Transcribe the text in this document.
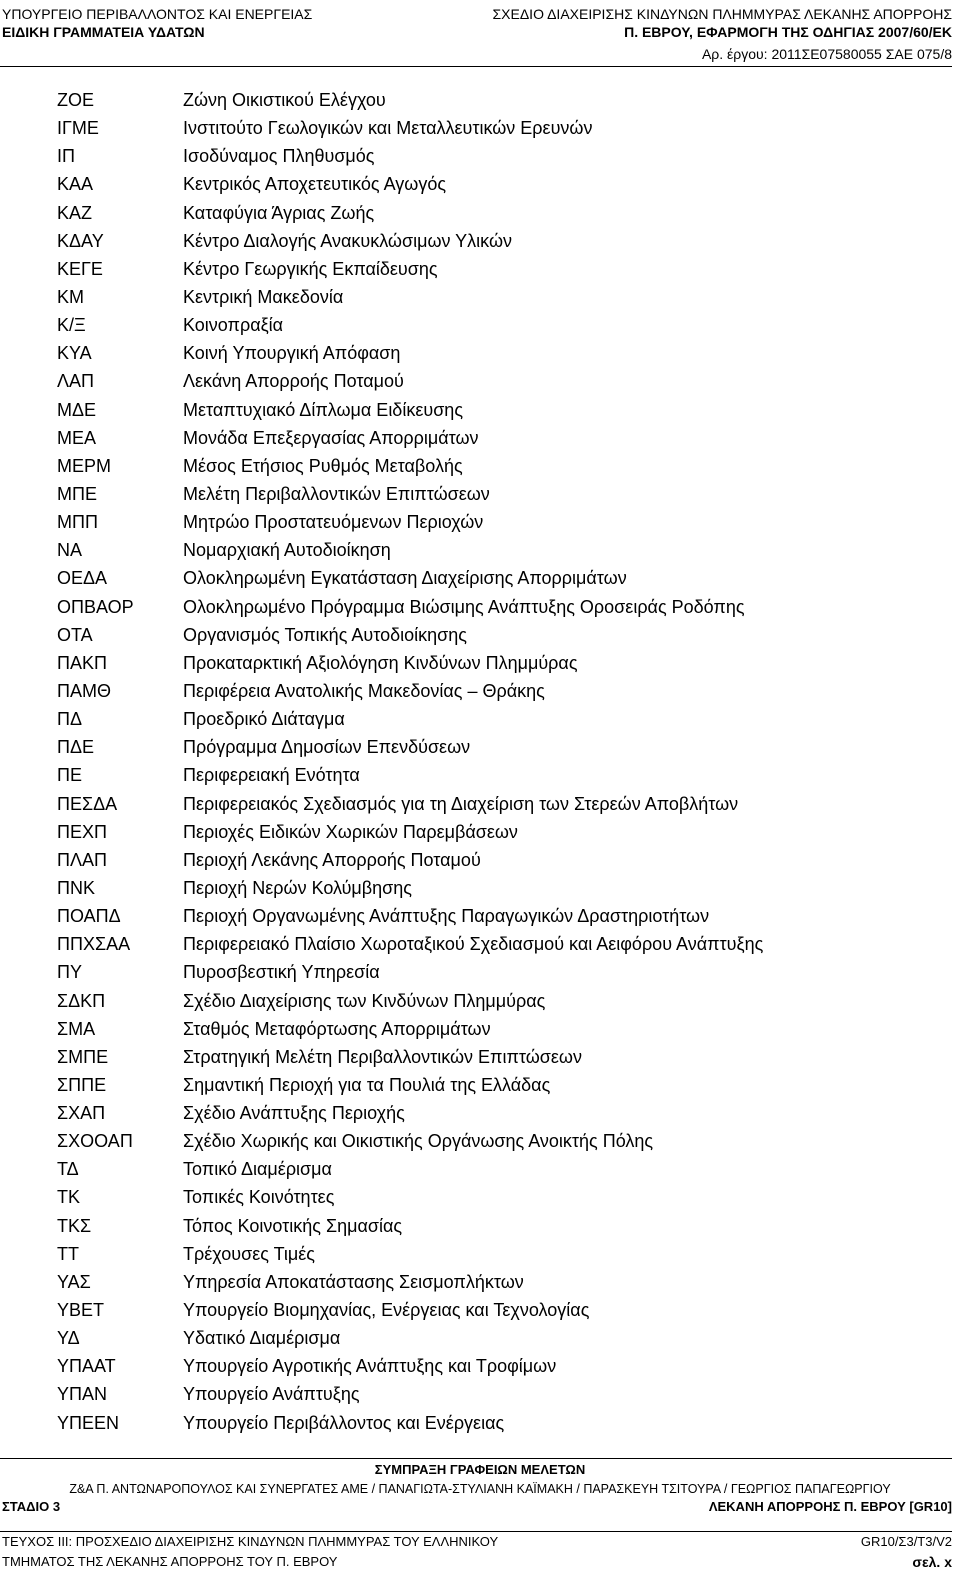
ΥΠΟΥΡΓΕΙΟ ΠΕΡΙΒΑΛΛΟΝΤΟΣ ΚΑΙ ΕΝΕΡΓΕΙΑΣ
ΕΙΔΙΚΗ ΓΡΑΜΜΑΤΕΙΑ ΥΔΑΤΩΝ
ΣΧΕΔΙΟ ΔΙΑΧΕΙΡΙΣΗΣ ΚΙΝΔΥΝΩΝ ΠΛΗΜΜΥΡΑΣ ΛΕΚΑΝΗΣ ΑΠΟΡΡΟΗΣ
Π. ΕΒΡΟΥ, ΕΦΑΡΜΟΓΗ ΤΗΣ ΟΔΗΓΙΑΣ 2007/60/ΕΚ
Αρ. έργου: 2011ΣΕ07580055 ΣΑΕ 075/8
ΖΟΕ	Ζώνη Οικιστικού Ελέγχου
ΙΓΜΕ	Ινστιτούτο Γεωλογικών και Μεταλλευτικών Ερευνών
ΙΠ	Ισοδύναμος Πληθυσμός
ΚΑΑ	Κεντρικός Αποχετευτικός Αγωγός
ΚΑΖ	Καταφύγια Άγριας Ζωής
ΚΔΑΥ	Κέντρο Διαλογής Ανακυκλώσιμων Υλικών
ΚΕΓΕ	Κέντρο Γεωργικής Εκπαίδευσης
ΚΜ	Κεντρική Μακεδονία
Κ/Ξ	Κοινοπραξία
ΚΥΑ	Κοινή Υπουργική Απόφαση
ΛΑΠ	Λεκάνη Απορροής Ποταμού
ΜΔΕ	Μεταπτυχιακό Δίπλωμα Ειδίκευσης
ΜΕΑ	Μονάδα Επεξεργασίας Απορριμάτων
ΜΕΡΜ	Μέσος Ετήσιος Ρυθμός Μεταβολής
ΜΠΕ	Μελέτη Περιβαλλοντικών Επιπτώσεων
ΜΠΠ	Μητρώο Προστατευόμενων Περιοχών
ΝΑ	Νομαρχιακή Αυτοδιοίκηση
ΟΕΔΑ	Ολοκληρωμένη Εγκατάσταση Διαχείρισης Απορριμάτων
ΟΠΒΑΟΡ	Ολοκληρωμένο Πρόγραμμα Βιώσιμης Ανάπτυξης Οροσειράς Ροδόπης
ΟΤΑ	Οργανισμός Τοπικής Αυτοδιοίκησης
ΠΑΚΠ	Προκαταρκτική Αξιολόγηση Κινδύνων Πλημμύρας
ΠΑΜΘ	Περιφέρεια Ανατολικής Μακεδονίας – Θράκης
ΠΔ	Προεδρικό Διάταγμα
ΠΔΕ	Πρόγραμμα Δημοσίων Επενδύσεων
ΠΕ	Περιφερειακή Ενότητα
ΠΕΣΔΑ	Περιφερειακός Σχεδιασμός για τη Διαχείριση των Στερεών Αποβλήτων
ΠΕΧΠ	Περιοχές Ειδικών Χωρικών Παρεμβάσεων
ΠΛΑΠ	Περιοχή Λεκάνης Απορροής Ποταμού
ΠΝΚ	Περιοχή Νερών Κολύμβησης
ΠΟΑΠΔ	Περιοχή Οργανωμένης Ανάπτυξης Παραγωγικών Δραστηριοτήτων
ΠΠΧΣΑΑ	Περιφερειακό Πλαίσιο Χωροταξικού Σχεδιασμού και Αειφόρου Ανάπτυξης
ΠΥ	Πυροσβεστική Υπηρεσία
ΣΔΚΠ	Σχέδιο Διαχείρισης των Κινδύνων Πλημμύρας
ΣΜΑ	Σταθμός Μεταφόρτωσης Απορριμάτων
ΣΜΠΕ	Στρατηγική Μελέτη Περιβαλλοντικών Επιπτώσεων
ΣΠΠΕ	Σημαντική Περιοχή για τα Πουλιά της Ελλάδας
ΣΧΑΠ	Σχέδιο Ανάπτυξης Περιοχής
ΣΧΟΟΑΠ	Σχέδιο Χωρικής και Οικιστικής Οργάνωσης Ανοικτής Πόλης
ΤΔ	Τοπικό Διαμέρισμα
ΤΚ	Τοπικές Κοινότητες
ΤΚΣ	Τόπος Κοινοτικής Σημασίας
ΤΤ	Τρέχουσες Τιμές
ΥΑΣ	Υπηρεσία Αποκατάστασης Σεισμοπλήκτων
ΥΒΕΤ	Υπουργείο Βιομηχανίας, Ενέργειας και Τεχνολογίας
ΥΔ	Υδατικό Διαμέρισμα
ΥΠΑΑΤ	Υπουργείο Αγροτικής Ανάπτυξης και Τροφίμων
ΥΠΑΝ	Υπουργείο Ανάπτυξης
ΥΠΕΕΝ	Υπουργείο Περιβάλλοντος και Ενέργειας
ΣΥΜΠΡΑΞΗ ΓΡΑΦΕΙΩΝ ΜΕΛΕΤΩΝ
Z&A Π. ΑΝΤΩΝΑΡΟΠΟΥΛΟΣ ΚΑΙ ΣΥΝΕΡΓΑΤΕΣ ΑΜΕ / ΠΑΝΑΓΙΩΤΑ-ΣΤΥΛΙΑΝΗ ΚΑΪΜΑΚΗ / ΠΑΡΑΣΚΕΥΗ ΤΣΙΤΟΥΡΑ / ΓΕΩΡΓΙΟΣ ΠΑΠΑΓΕΩΡΓΙΟΥ
ΣΤΑΔΙΟ 3	ΛΕΚΑΝΗ ΑΠΟΡΡΟΗΣ Π. ΕΒΡΟΥ [GR10]
ΤΕΥΧΟΣ ΙΙΙ: ΠΡΟΣΧΕΔΙΟ ΔΙΑΧΕΙΡΙΣΗΣ ΚΙΝΔΥΝΩΝ ΠΛΗΜΜΥΡΑΣ ΤΟΥ ΕΛΛΗΝΙΚΟΥ	GR10/Σ3/Τ3/V2
ΤΜΗΜΑΤΟΣ ΤΗΣ ΛΕΚΑΝΗΣ ΑΠΟΡΡΟΗΣ ΤΟΥ Π. ΕΒΡΟΥ	σελ. x
